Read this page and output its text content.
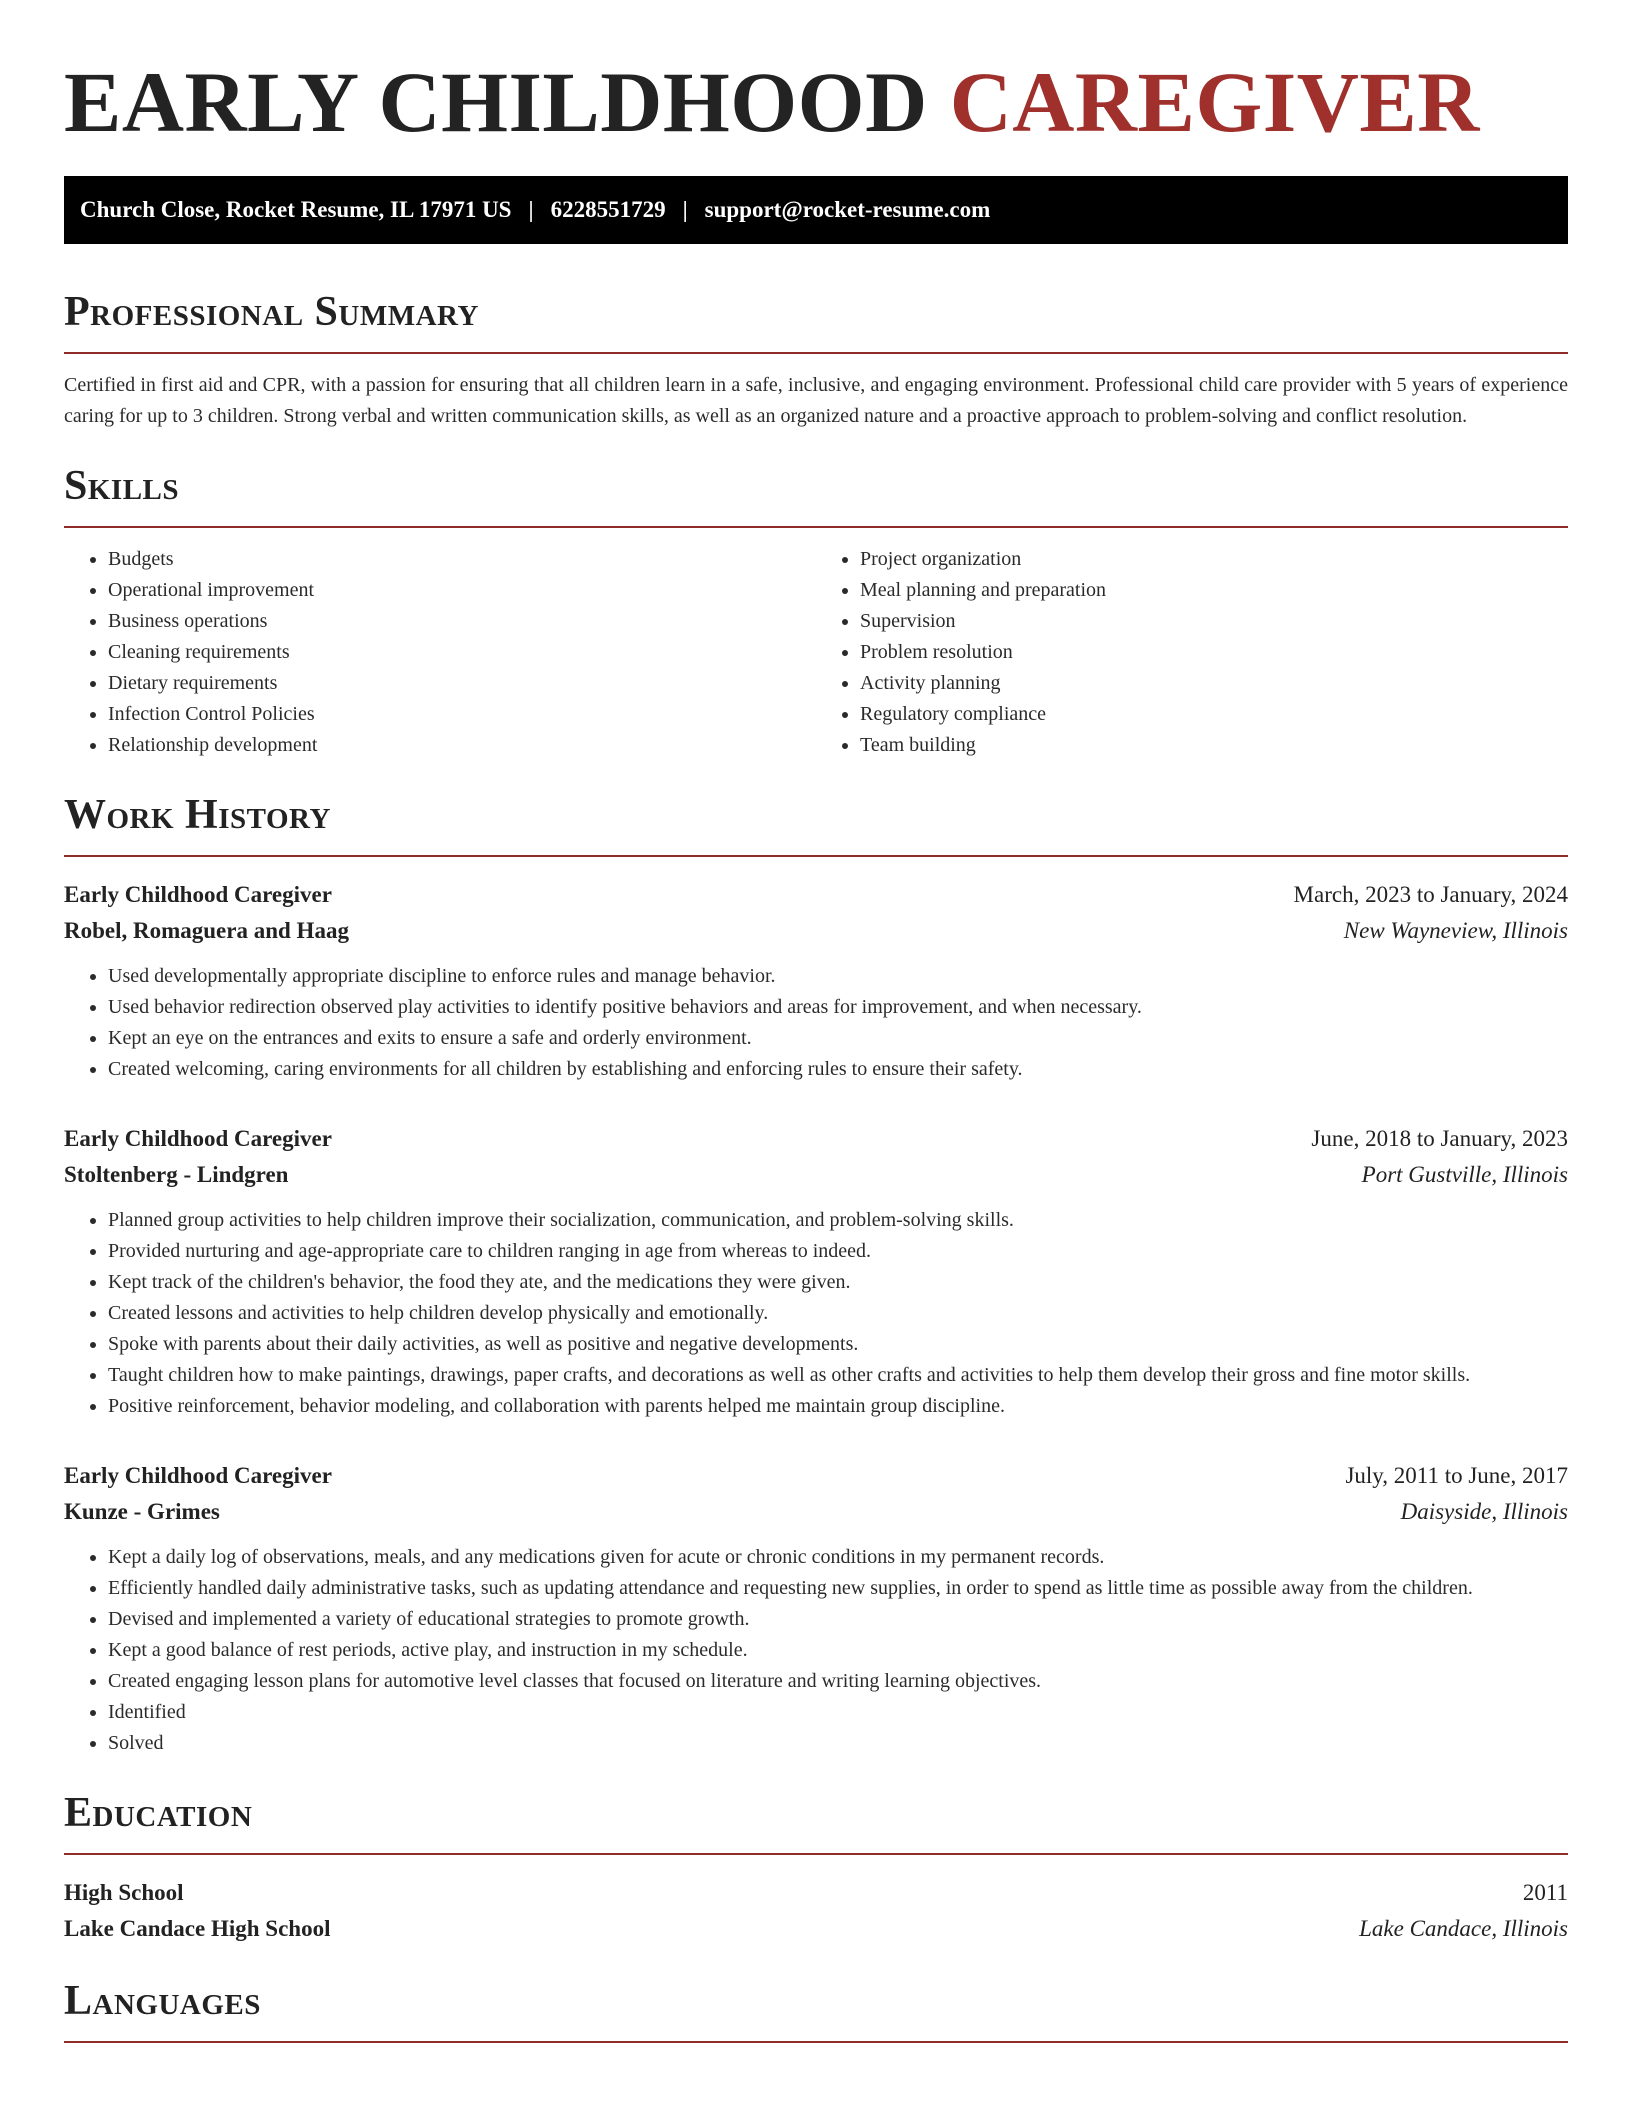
EARLY CHILDHOOD CAREGIVER
Church Close, Rocket Resume, IL 17971 US | 6228551729 | support@rocket-resume.com
Professional Summary

Certified in first aid and CPR, with a passion for ensuring that all children learn in a safe, inclusive, and engaging environment. Professional child care provider with 5 years of experience caring for up to 3 children. Strong verbal and written communication skills, as well as an organized nature and a proactive approach to problem-solving and conflict resolution.

Skills
• Budgets
• Operational improvement
• Business operations
• Cleaning requirements
• Dietary requirements
• Infection Control Policies
• Relationship development
• Project organization
• Meal planning and preparation
• Supervision
• Problem resolution
• Activity planning
• Regulatory compliance
• Team building
Work History
Early Childhood Caregiver	March, 2023 to January, 2024
Robel, Romaguera and Haag	New Wayneview, Illinois
• Used developmentally appropriate discipline to enforce rules and manage behavior.
• Used behavior redirection observed play activities to identify positive behaviors and areas for improvement, and when necessary.
• Kept an eye on the entrances and exits to ensure a safe and orderly environment.
• Created welcoming, caring environments for all children by establishing and enforcing rules to ensure their safety.
Early Childhood Caregiver	June, 2018 to January, 2023
Stoltenberg - Lindgren	Port Gustville, Illinois
• Planned group activities to help children improve their socialization, communication, and problem-solving skills.
• Provided nurturing and age-appropriate care to children ranging in age from whereas to indeed.
• Kept track of the children's behavior, the food they ate, and the medications they were given.
• Created lessons and activities to help children develop physically and emotionally.
• Spoke with parents about their daily activities, as well as positive and negative developments.
• Taught children how to make paintings, drawings, paper crafts, and decorations as well as other crafts and activities to help them develop their gross and fine motor skills.
• Positive reinforcement, behavior modeling, and collaboration with parents helped me maintain group discipline.
Early Childhood Caregiver	July, 2011 to June, 2017
Kunze - Grimes	Daisyside, Illinois
• Kept a daily log of observations, meals, and any medications given for acute or chronic conditions in my permanent records.
• Efficiently handled daily administrative tasks, such as updating attendance and requesting new supplies, in order to spend as little time as possible away from the children.
• Devised and implemented a variety of educational strategies to promote growth.
• Kept a good balance of rest periods, active play, and instruction in my schedule.
• Created engaging lesson plans for automotive level classes that focused on literature and writing learning objectives.
• Identified
• Solved
Education
High School	2011
Lake Candace High School	Lake Candace, Illinois
Languages
